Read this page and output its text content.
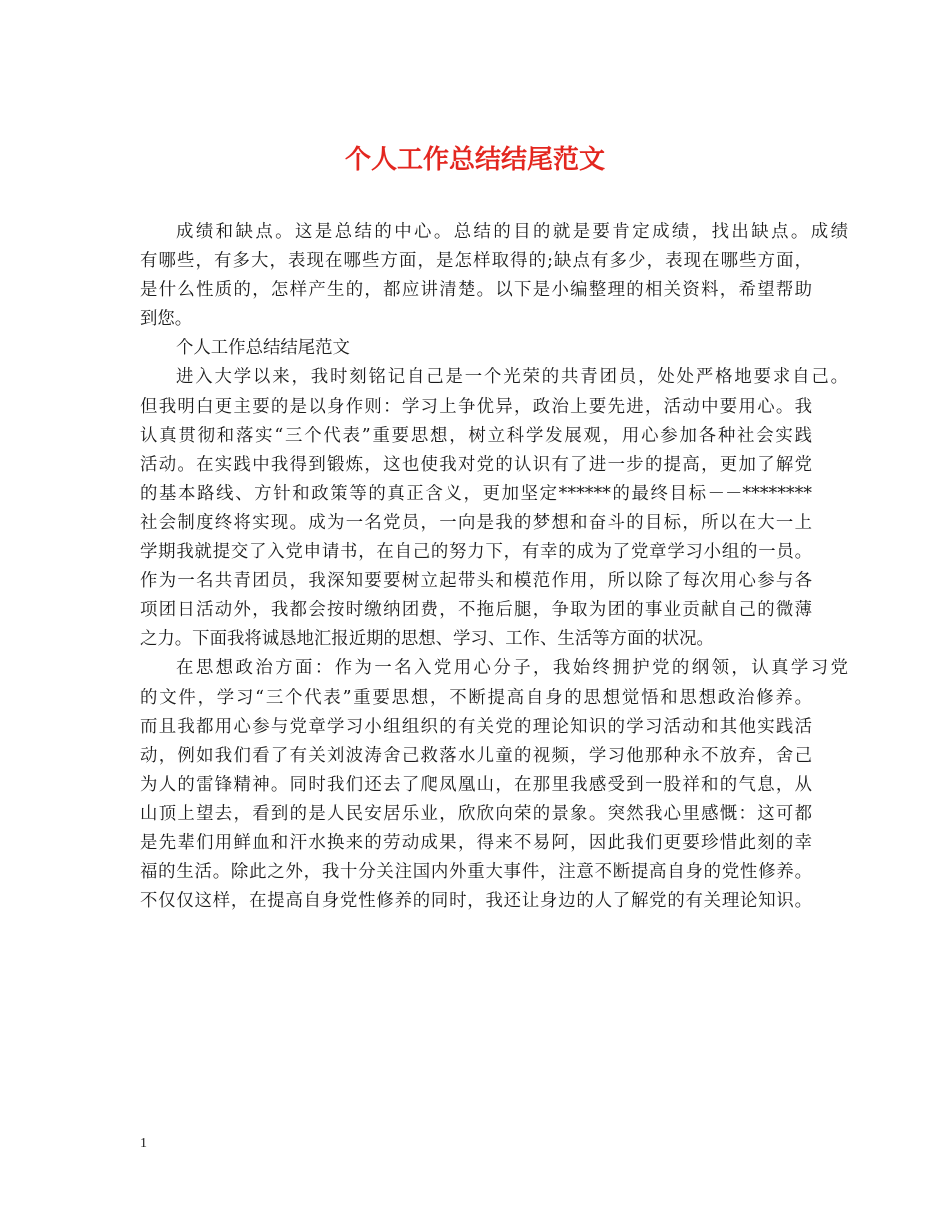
个人工作总结结尾范文
成绩和缺点。这是总结的中心。总结的目的就是要肯定成绩，找出缺点。成绩
有哪些，有多大，表现在哪些方面，是怎样取得的;缺点有多少，表现在哪些方面，
是什么性质的，怎样产生的，都应讲清楚。以下是小编整理的相关资料，希望帮助
到您。
个人工作总结结尾范文
进入大学以来，我时刻铭记自己是一个光荣的共青团员，处处严格地要求自己。
但我明白更主要的是以身作则：学习上争优异，政治上要先进，活动中要用心。我
认真贯彻和落实“三个代表”重要思想，树立科学发展观，用心参加各种社会实践
活动。在实践中我得到锻炼，这也使我对党的认识有了进一步的提高，更加了解党
的基本路线、方针和政策等的真正含义，更加坚定******的最终目标－－********
社会制度终将实现。成为一名党员，一向是我的梦想和奋斗的目标，所以在大一上
学期我就提交了入党申请书，在自己的努力下，有幸的成为了党章学习小组的一员。
作为一名共青团员，我深知要要树立起带头和模范作用，所以除了每次用心参与各
项团日活动外，我都会按时缴纳团费，不拖后腿，争取为团的事业贡献自己的微薄
之力。下面我将诚恳地汇报近期的思想、学习、工作、生活等方面的状况。
在思想政治方面：作为一名入党用心分子，我始终拥护党的纲领，认真学习党
的文件，学习“三个代表”重要思想，不断提高自身的思想觉悟和思想政治修养。
而且我都用心参与党章学习小组组织的有关党的理论知识的学习活动和其他实践活
动，例如我们看了有关刘波涛舍己救落水儿童的视频，学习他那种永不放弃，舍己
为人的雷锋精神。同时我们还去了爬凤凰山，在那里我感受到一股祥和的气息，从
山顶上望去，看到的是人民安居乐业，欣欣向荣的景象。突然我心里感慨：这可都
是先辈们用鲜血和汗水换来的劳动成果，得来不易阿，因此我们更要珍惜此刻的幸
福的生活。除此之外，我十分关注国内外重大事件，注意不断提高自身的党性修养。
不仅仅这样，在提高自身党性修养的同时，我还让身边的人了解党的有关理论知识。
1
